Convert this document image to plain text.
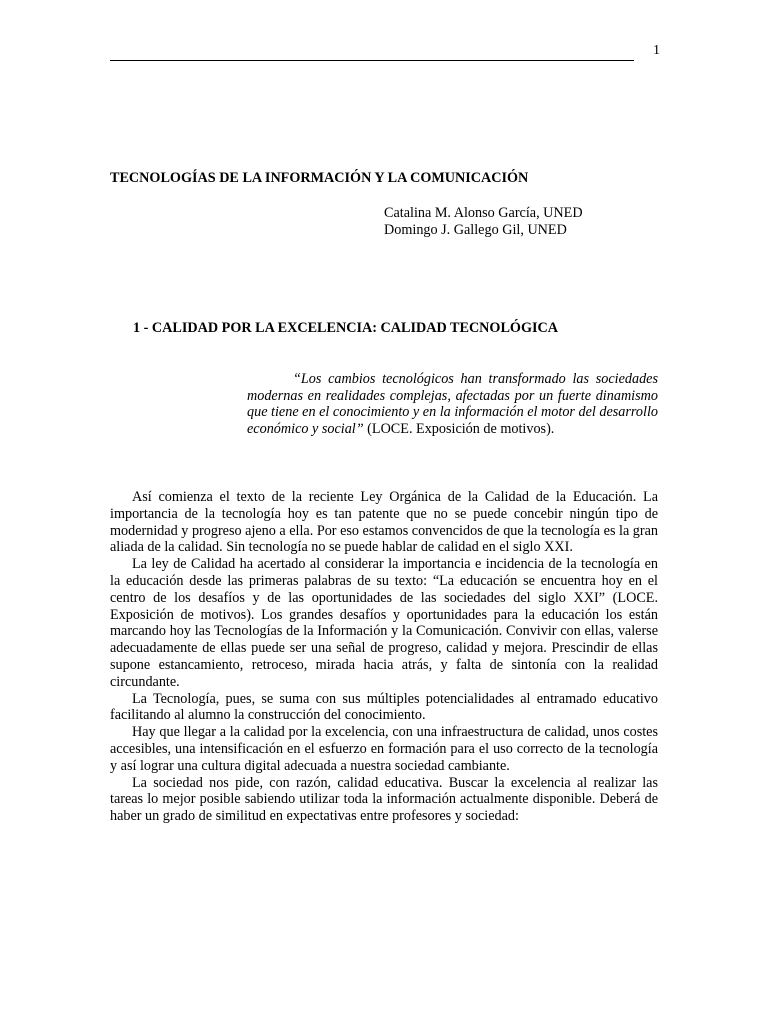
1
TECNOLOGÍAS DE LA INFORMACIÓN Y LA COMUNICACIÓN
Catalina M. Alonso García, UNED
Domingo J. Gallego Gil, UNED
1 - CALIDAD POR LA EXCELENCIA: CALIDAD TECNOLÓGICA
“Los cambios tecnológicos han transformado las sociedades modernas en realidades complejas, afectadas por un fuerte dinamismo que tiene en el conocimiento y en la información el motor del desarrollo económico y social” (LOCE. Exposición de motivos).

Así comienza el texto de la reciente Ley Orgánica de la Calidad de la Educación. La importancia de la tecnología hoy es tan patente que no se puede concebir ningún tipo de modernidad y progreso ajeno a ella. Por eso estamos convencidos de que la tecnología es la gran aliada de la calidad. Sin tecnología no se puede hablar de calidad en el siglo XXI.

La ley de Calidad ha acertado al considerar la importancia e incidencia de la tecnología en la educación desde las primeras palabras de su texto: “La educación se encuentra hoy en el centro de los desafíos y de las oportunidades de las sociedades del siglo XXI” (LOCE. Exposición de motivos). Los grandes desafíos y oportunidades para la educación los están marcando hoy las Tecnologías de la Información y la Comunicación. Convivir con ellas, valerse adecuadamente de ellas puede ser una señal de progreso, calidad y mejora. Prescindir de ellas supone estancamiento, retroceso, mirada hacia atrás, y falta de sintonía con la realidad circundante.

La Tecnología, pues, se suma con sus múltiples potencialidades al entramado educativo facilitando al alumno la construcción del conocimiento.

Hay que llegar a la calidad por la excelencia, con una infraestructura de calidad, unos costes accesibles, una intensificación en el esfuerzo en formación para el uso correcto de la tecnología y así lograr una cultura digital adecuada a nuestra sociedad cambiante.

La sociedad nos pide, con razón, calidad educativa. Buscar la excelencia al realizar las tareas lo mejor posible sabiendo utilizar toda la información actualmente disponible. Deberá de haber un grado de similitud en expectativas entre profesores y sociedad:
